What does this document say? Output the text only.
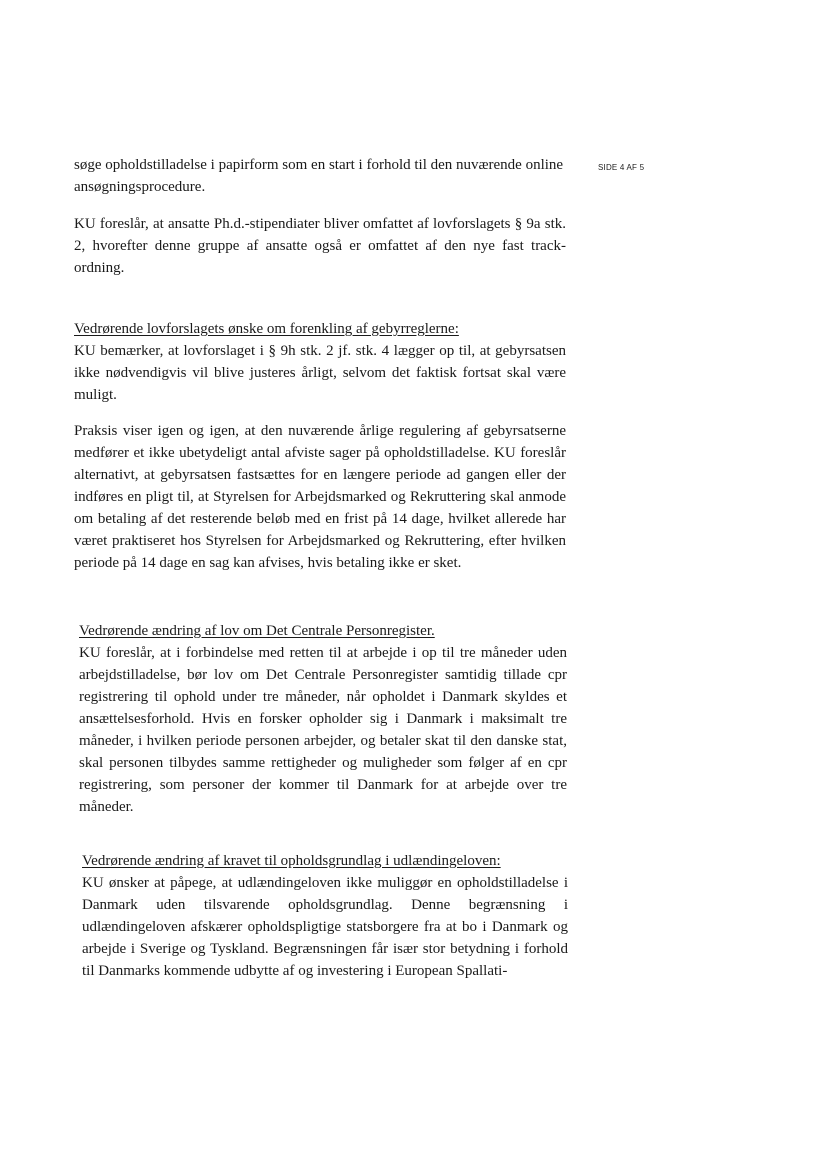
SIDE 4 AF 5

søge opholdstilladelse i papirform som en start i forhold til den nuværende online ansøgningsprocedure.

KU foreslår, at ansatte Ph.d.-stipendiater bliver omfattet af lovforslagets § 9a stk. 2, hvorefter denne gruppe af ansatte også er omfattet af den nye fast track-ordning.

Vedrørende lovforslagets ønske om forenkling af gebyrreglerne:
KU bemærker, at lovforslaget i § 9h stk. 2 jf. stk. 4 lægger op til, at gebyrsatsen ikke nødvendigvis vil blive justeres årligt, selvom det faktisk fortsat skal være muligt.

Praksis viser igen og igen, at den nuværende årlige regulering af gebyrsatserne medfører et ikke ubetydeligt antal afviste sager på opholdstilladelse. KU foreslår alternativt, at gebyrsatsen fastsættes for en længere periode ad gangen eller der indføres en pligt til, at Styrelsen for Arbejdsmarked og Rekruttering skal anmode om betaling af det resterende beløb med en frist på 14 dage, hvilket allerede har været praktiseret hos Styrelsen for Arbejdsmarked og Rekruttering, efter hvilken periode på 14 dage en sag kan afvises, hvis betaling ikke er sket.

Vedrørende ændring af lov om Det Centrale Personregister.
KU foreslår, at i forbindelse med retten til at arbejde i op til tre måneder uden arbejdstilladelse, bør lov om Det Centrale Personregister samtidig tillade cpr registrering til ophold under tre måneder, når opholdet i Danmark skyldes et ansættelsesforhold. Hvis en forsker opholder sig i Danmark i maksimalt tre måneder, i hvilken periode personen arbejder, og betaler skat til den danske stat, skal personen tilbydes samme rettigheder og muligheder som følger af en cpr registrering, som personer der kommer til Danmark for at arbejde over tre måneder.
Vedrørende ændring af kravet til opholdsgrundlag i udlændingeloven:
KU ønsker at påpege, at udlændingeloven ikke muliggør en opholdstilladelse i Danmark uden tilsvarende opholdsgrundlag. Denne begrænsning i udlændingeloven afskærer opholdspligtige statsborgere fra at bo i Danmark og arbejde i Sverige og Tyskland. Begrænsningen får især stor betydning i forhold til Danmarks kommende udbytte af og investering i European Spallati-
